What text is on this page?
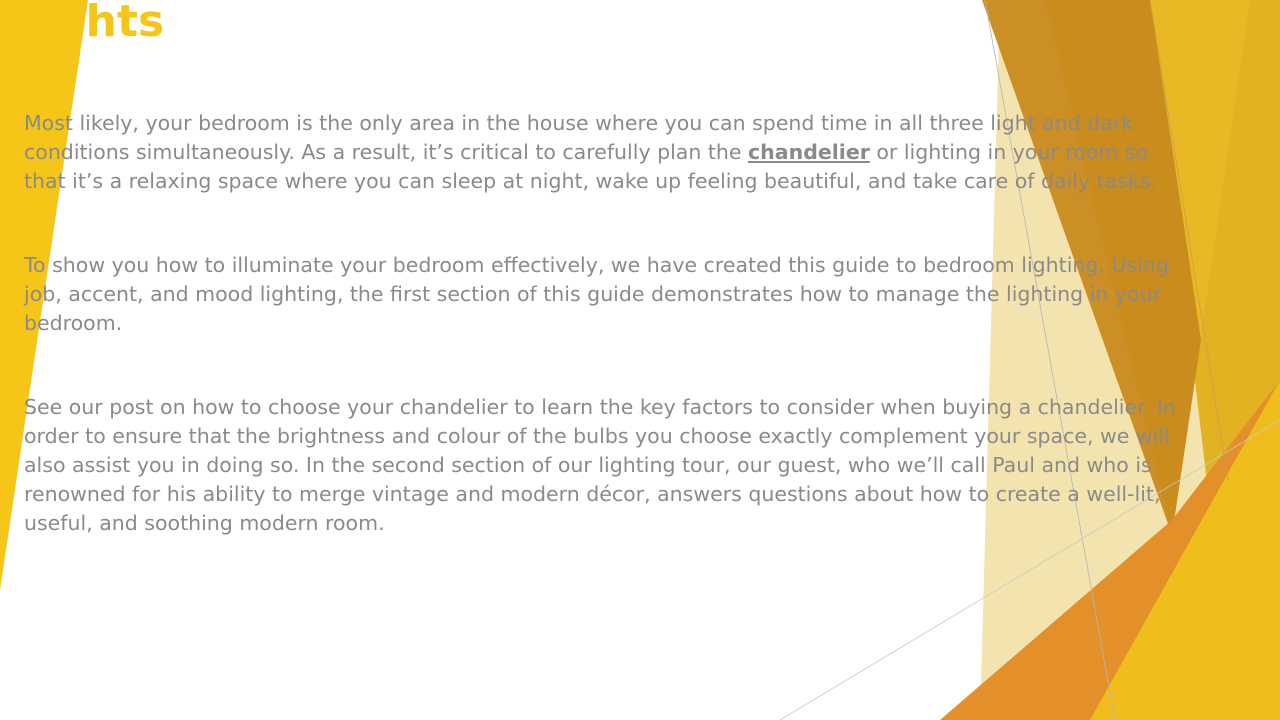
lights

Most likely, your bedroom is the only area in the house where you can spend time in all three light and dark
conditions simultaneously. As a result, it’s critical to carefully plan the chandelier or lighting in your room so
that it’s a relaxing space where you can sleep at night, wake up feeling beautiful, and take care of daily tasks.

To show you how to illuminate your bedroom effectively, we have created this guide to bedroom lighting. Using
job, accent, and mood lighting, the first section of this guide demonstrates how to manage the lighting in your
bedroom.

See our post on how to choose your chandelier to learn the key factors to consider when buying a chandelier. In
order to ensure that the brightness and colour of the bulbs you choose exactly complement your space, we will
also assist you in doing so. In the second section of our lighting tour, our guest, who we’ll call Paul and who is
renowned for his ability to merge vintage and modern décor, answers questions about how to create a well-lit,
useful, and soothing modern room.
